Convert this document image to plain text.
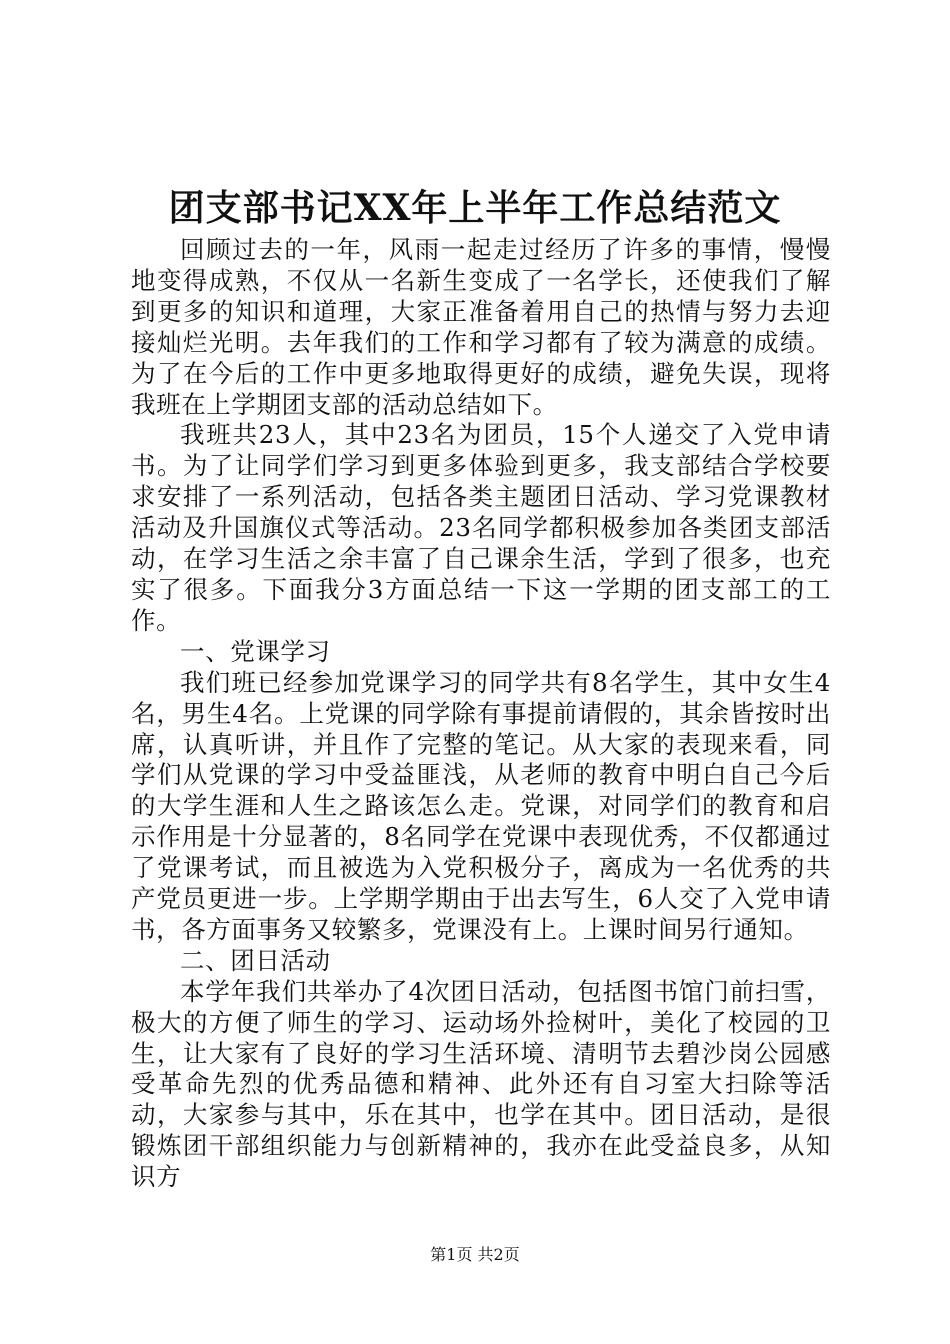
团支部书记XX年上半年工作总结范文

回顾过去的一年，风雨一起走过经历了许多的事情，慢慢地变得成熟，不仅从一名新生变成了一名学长，还使我们了解到更多的知识和道理，大家正准备着用自己的热情与努力去迎接灿烂光明。去年我们的工作和学习都有了较为满意的成绩。为了在今后的工作中更多地取得更好的成绩，避免失误，现将我班在上学期团支部的活动总结如下。

我班共23人，其中23名为团员，15个人递交了入党申请书。为了让同学们学习到更多体验到更多，我支部结合学校要求安排了一系列活动，包括各类主题团日活动、学习党课教材活动及升国旗仪式等活动。23名同学都积极参加各类团支部活动，在学习生活之余丰富了自己课余生活，学到了很多，也充实了很多。下面我分3方面总结一下这一学期的团支部工的工作。

一、党课学习

我们班已经参加党课学习的同学共有8名学生，其中女生4名，男生4名。上党课的同学除有事提前请假的，其余皆按时出席，认真听讲，并且作了完整的笔记。从大家的表现来看，同学们从党课的学习中受益匪浅，从老师的教育中明白自己今后的大学生涯和人生之路该怎么走。党课，对同学们的教育和启示作用是十分显著的，8名同学在党课中表现优秀，不仅都通过了党课考试，而且被选为入党积极分子，离成为一名优秀的共产党员更进一步。上学期学期由于出去写生，6人交了入党申请书，各方面事务又较繁多，党课没有上。上课时间另行通知。

二、团日活动

本学年我们共举办了4次团日活动，包括图书馆门前扫雪，极大的方便了师生的学习、运动场外捡树叶，美化了校园的卫生，让大家有了良好的学习生活环境、清明节去碧沙岗公园感受革命先烈的优秀品德和精神、此外还有自习室大扫除等活动，大家参与其中，乐在其中，也学在其中。团日活动，是很锻炼团干部组织能力与创新精神的，我亦在此受益良多，从知识方

第1页 共2页
